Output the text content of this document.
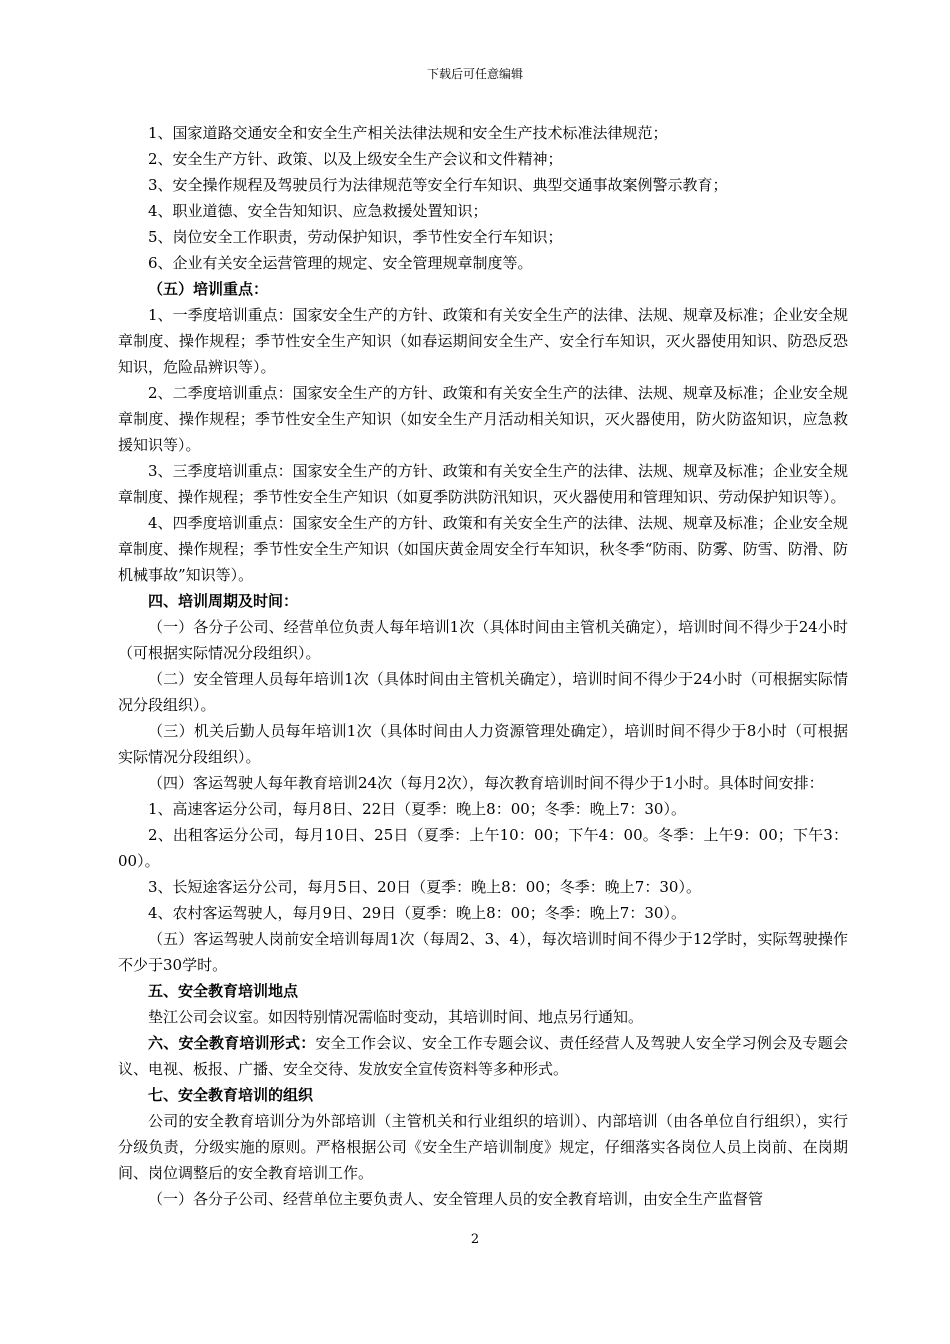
下载后可任意编辑

1、国家道路交通安全和安全生产相关法律法规和安全生产技术标准法律规范；

2、安全生产方针、政策、以及上级安全生产会议和文件精神；

3、安全操作规程及驾驶员行为法律规范等安全行车知识、典型交通事故案例警示教育；

4、职业道德、安全告知知识、应急救援处置知识；

5、岗位安全工作职责，劳动保护知识，季节性安全行车知识；

6、企业有关安全运营管理的规定、安全管理规章制度等。

（五）培训重点：

1、一季度培训重点：国家安全生产的方针、政策和有关安全生产的法律、法规、规章及标准；企业安全规章制度、操作规程；季节性安全生产知识（如春运期间安全生产、安全行车知识，灭火器使用知识、防恐反恐知识，危险品辨识等）。

2、二季度培训重点：国家安全生产的方针、政策和有关安全生产的法律、法规、规章及标准；企业安全规章制度、操作规程；季节性安全生产知识（如安全生产月活动相关知识，灭火器使用，防火防盗知识，应急救援知识等）。

3、三季度培训重点：国家安全生产的方针、政策和有关安全生产的法律、法规、规章及标准；企业安全规章制度、操作规程；季节性安全生产知识（如夏季防洪防汛知识，灭火器使用和管理知识、劳动保护知识等）。

4、四季度培训重点：国家安全生产的方针、政策和有关安全生产的法律、法规、规章及标准；企业安全规章制度、操作规程；季节性安全生产知识（如国庆黄金周安全行车知识，秋冬季“防雨、防雾、防雪、防滑、防机械事故”知识等）。

四、培训周期及时间：

（一）各分子公司、经营单位负责人每年培训1次（具体时间由主管机关确定），培训时间不得少于24小时（可根据实际情况分段组织）。

（二）安全管理人员每年培训1次（具体时间由主管机关确定），培训时间不得少于24小时（可根据实际情况分段组织）。

（三）机关后勤人员每年培训1次（具体时间由人力资源管理处确定），培训时间不得少于8小时（可根据实际情况分段组织）。

（四）客运驾驶人每年教育培训24次（每月2次），每次教育培训时间不得少于1小时。具体时间安排：

1、高速客运分公司，每月8日、22日（夏季：晚上8：00；冬季：晚上7：30）。

2、出租客运分公司，每月10日、25日（夏季：上午10：00；下午4：00。冬季：上午9：00；下午3：00）。

3、长短途客运分公司，每月5日、20日（夏季：晚上8：00；冬季：晚上7：30）。

4、农村客运驾驶人，每月9日、29日（夏季：晚上8：00；冬季：晚上7：30）。

（五）客运驾驶人岗前安全培训每周1次（每周2、3、4），每次培训时间不得少于12学时，实际驾驶操作不少于30学时。

五、安全教育培训地点

垫江公司会议室。如因特别情况需临时变动，其培训时间、地点另行通知。

六、安全教育培训形式：安全工作会议、安全工作专题会议、责任经营人及驾驶人安全学习例会及专题会议、电视、板报、广播、安全交待、发放安全宣传资料等多种形式。

七、安全教育培训的组织

公司的安全教育培训分为外部培训（主管机关和行业组织的培训）、内部培训（由各单位自行组织），实行分级负责，分级实施的原则。严格根据公司《安全生产培训制度》规定，仔细落实各岗位人员上岗前、在岗期间、岗位调整后的安全教育培训工作。

（一）各分子公司、经营单位主要负责人、安全管理人员的安全教育培训，由安全生产监督管

2
